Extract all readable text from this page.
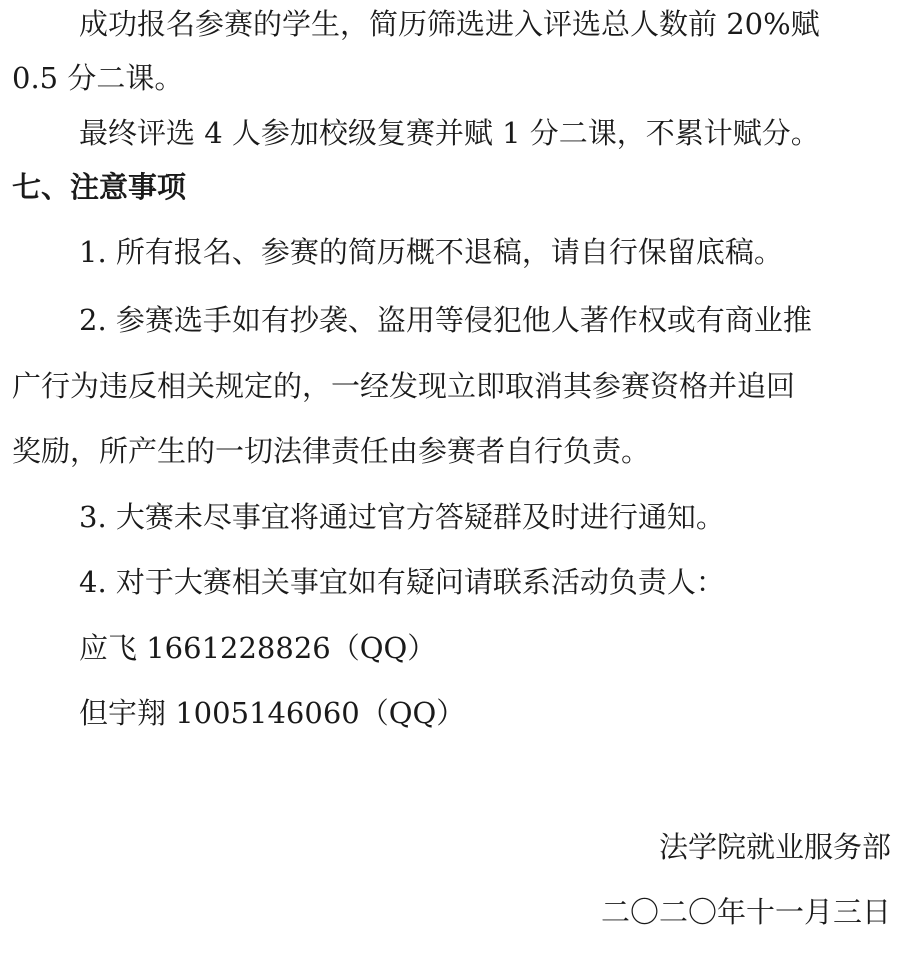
成功报名参赛的学生，简历筛选进入评选总人数前 20%赋
0.5 分二课。
最终评选 4 人参加校级复赛并赋 1 分二课，不累计赋分。
七、注意事项
1. 所有报名、参赛的简历概不退稿，请自行保留底稿。
2. 参赛选手如有抄袭、盗用等侵犯他人著作权或有商业推
广行为违反相关规定的，一经发现立即取消其参赛资格并追回
奖励，所产生的一切法律责任由参赛者自行负责。
3. 大赛未尽事宜将通过官方答疑群及时进行通知。
4. 对于大赛相关事宜如有疑问请联系活动负责人：
应飞 1661228826（QQ）
但宇翔 1005146060（QQ）
法学院就业服务部
二〇二〇年十一月三日
